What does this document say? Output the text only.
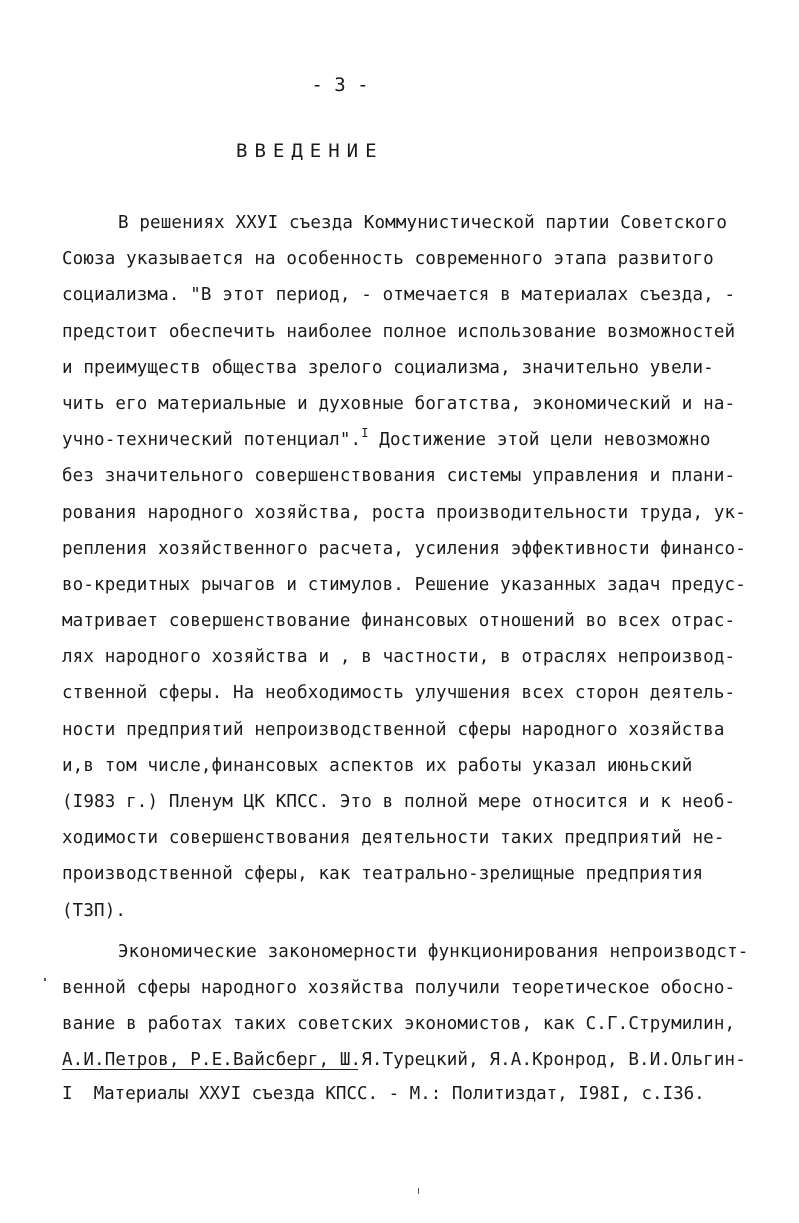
- 3 -
ВВЕДЕНИЕ
В решениях ХХУI съезда Коммунистической партии Советского
Союза указывается на особенность современного этапа развитого
социализма. "В этот период, - отмечается в материалах съезда, -
предстоит обеспечить наиболее полное использование возможностей
и преимуществ общества зрелого социализма, значительно увели-
чить его материальные и духовные богатства, экономический и на-
учно-технический потенциал".$^I$ Достижение этой цели невозможно
без значительного совершенствования системы управления и плани-
рования народного хозяйства, роста производительности труда, ук-
репления хозяйственного расчета, усиления эффективности финансо-
во-кредитных рычагов и стимулов. Решение указанных задач предус-
матривает совершенствование финансовых отношений во всех отрас-
лях народного хозяйства и , в частности, в отраслях непроизвод-
ственной сферы. На необходимость улучшения всех сторон деятель-
ности предприятий непроизводственной сферы народного хозяйства
и,в том числе,финансовых аспектов их работы указал июньский
(I983 г.) Пленум ЦК КПСС. Это в полной мере относится и к необ-
ходимости совершенствования деятельности таких предприятий не-
производственной сферы, как театрально-зрелищные предприятия
(ТЗП).
Экономические закономерности функционирования непроизводст-
венной сферы народного хозяйства получили теоретическое обосно-
вание в работах таких советских экономистов, как С.Г.Струмилин,
А.И.Петров, Р.Е.Вайсберг, Ш.Я.Турецкий, Я.А.Кронрод, В.И.Ольгин-
I  Материалы ХХУI съезда КПСС. - М.: Политиздат, I98I, с.I36.
